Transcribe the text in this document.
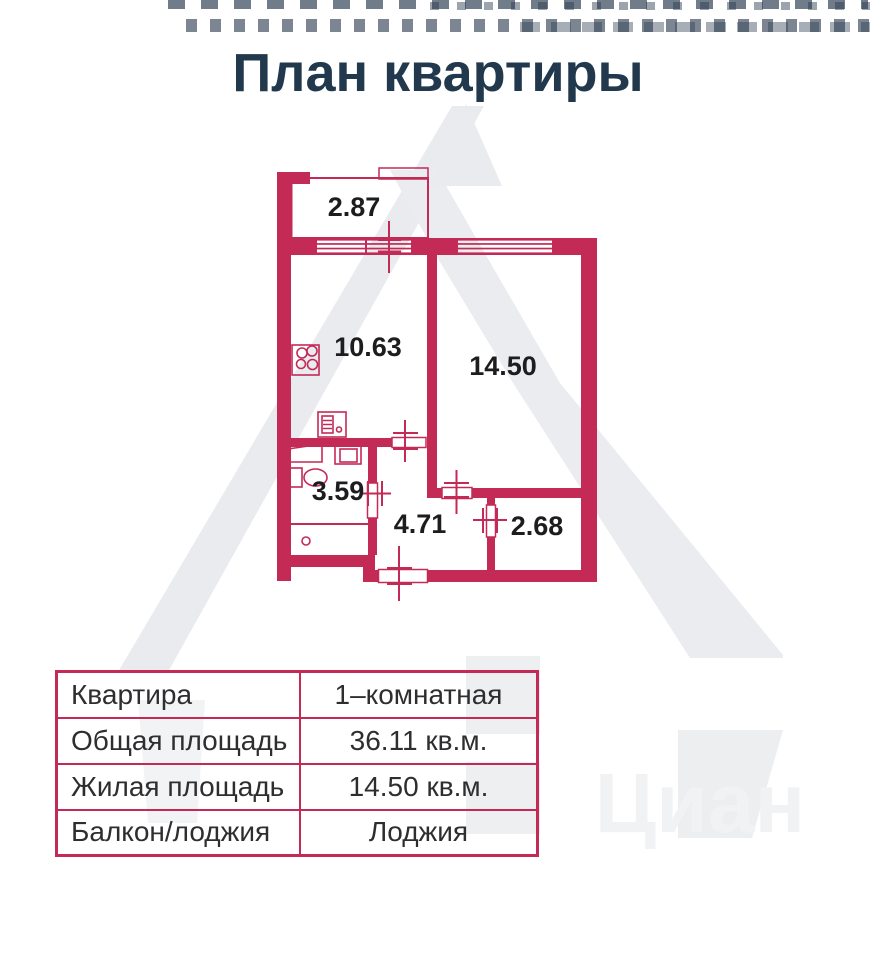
Циан
2.87
10.63
14.50
3.59
4.71 2.68
План квартиры
Квартира	1–комнатная
Общая площадь	36.11 кв.м.
Жилая площадь	14.50 кв.м.
Балкон/лоджия	Лоджия
